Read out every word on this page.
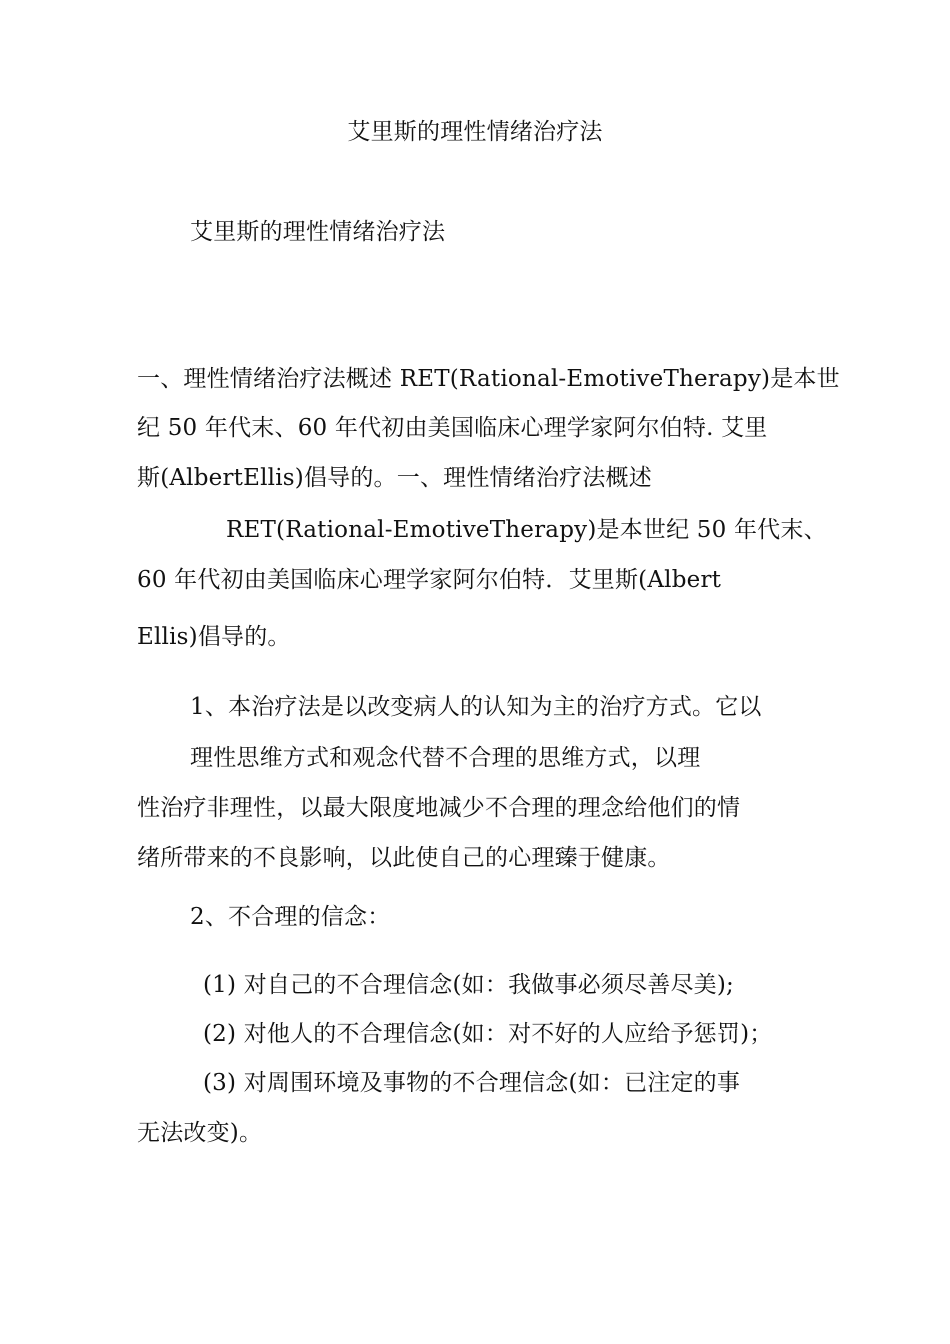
艾里斯的理性情绪治疗法

艾里斯的理性情绪治疗法

一、理性情绪治疗法概述 RET(Rational-EmotiveTherapy)是本世

纪 50 年代末、60 年代初由美国临床心理学家阿尔伯特. 艾里

斯(AlbertEllis)倡导的。一、理性情绪治疗法概述

RET(Rational-EmotiveTherapy)是本世纪 50 年代末、

60 年代初由美国临床心理学家阿尔伯特．艾里斯(Albert

Ellis)倡导的。

1、本治疗法是以改变病人的认知为主的治疗方式。它以

理性思维方式和观念代替不合理的思维方式，以理

性治疗非理性，以最大限度地减少不合理的理念给他们的情

绪所带来的不良影响，以此使自己的心理臻于健康。

2、不合理的信念：

(1) 对自己的不合理信念(如：我做事必须尽善尽美);

(2) 对他人的不合理信念(如：对不好的人应给予惩罚)；

(3) 对周围环境及事物的不合理信念(如：已注定的事

无法改变)。
